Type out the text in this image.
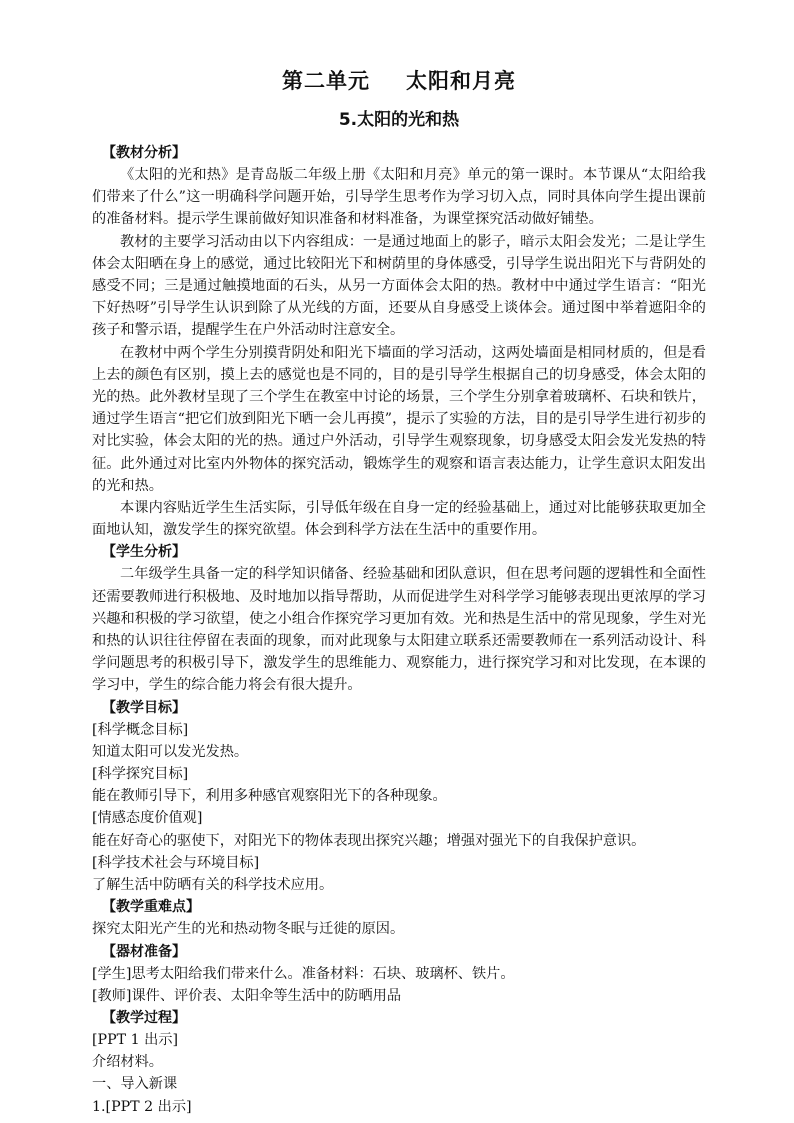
第二单元 太阳和月亮
5.太阳的光和热
【教材分析】

《太阳的光和热》是青岛版二年级上册《太阳和月亮》单元的第一课时。本节课从“太阳给我们带来了什么”这一明确科学问题开始，引导学生思考作为学习切入点，同时具体向学生提出课前的准备材料。提示学生课前做好知识准备和材料准备，为课堂探究活动做好铺垫。

教材的主要学习活动由以下内容组成：一是通过地面上的影子，暗示太阳会发光；二是让学生体会太阳晒在身上的感觉，通过比较阳光下和树荫里的身体感受，引导学生说出阳光下与背阴处的感受不同；三是通过触摸地面的石头，从另一方面体会太阳的热。教材中中通过学生语言：“阳光下好热呀”引导学生认识到除了从光线的方面，还要从自身感受上谈体会。通过图中举着遮阳伞的孩子和警示语，提醒学生在户外活动时注意安全。

在教材中两个学生分别摸背阴处和阳光下墙面的学习活动，这两处墙面是相同材质的，但是看上去的颜色有区别，摸上去的感觉也是不同的，目的是引导学生根据自己的切身感受，体会太阳的光的热。此外教材呈现了三个学生在教室中讨论的场景，三个学生分别拿着玻璃杯、石块和铁片，通过学生语言“把它们放到阳光下晒一会儿再摸”，提示了实验的方法，目的是引导学生进行初步的对比实验，体会太阳的光的热。通过户外活动，引导学生观察现象，切身感受太阳会发光发热的特征。此外通过对比室内外物体的探究活动，锻炼学生的观察和语言表达能力，让学生意识太阳发出的光和热。

本课内容贴近学生生活实际，引导低年级在自身一定的经验基础上，通过对比能够获取更加全面地认知，激发学生的探究欲望。体会到科学方法在生活中的重要作用。

【学生分析】

二年级学生具备一定的科学知识储备、经验基础和团队意识，但在思考问题的逻辑性和全面性还需要教师进行积极地、及时地加以指导帮助，从而促进学生对科学学习能够表现出更浓厚的学习兴趣和积极的学习欲望，使之小组合作探究学习更加有效。光和热是生活中的常见现象，学生对光和热的认识往往停留在表面的现象，而对此现象与太阳建立联系还需要教师在一系列活动设计、科学问题思考的积极引导下，激发学生的思维能力、观察能力，进行探究学习和对比发现，在本课的学习中，学生的综合能力将会有很大提升。

【教学目标】
[科学概念目标]
知道太阳可以发光发热。
[科学探究目标]
能在教师引导下，利用多种感官观察阳光下的各种现象。
[情感态度价值观]
能在好奇心的驱使下，对阳光下的物体表现出探究兴趣；增强对强光下的自我保护意识。
[科学技术社会与环境目标]
了解生活中防晒有关的科学技术应用。
【教学重难点】
探究太阳光产生的光和热动物冬眠与迁徙的原因。
【器材准备】
[学生]思考太阳给我们带来什么。准备材料：石块、玻璃杯、铁片。
[教师]课件、评价表、太阳伞等生活中的防晒用品
【教学过程】
[PPT 1 出示]
介绍材料。
一、导入新课
1.[PPT 2 出示]
